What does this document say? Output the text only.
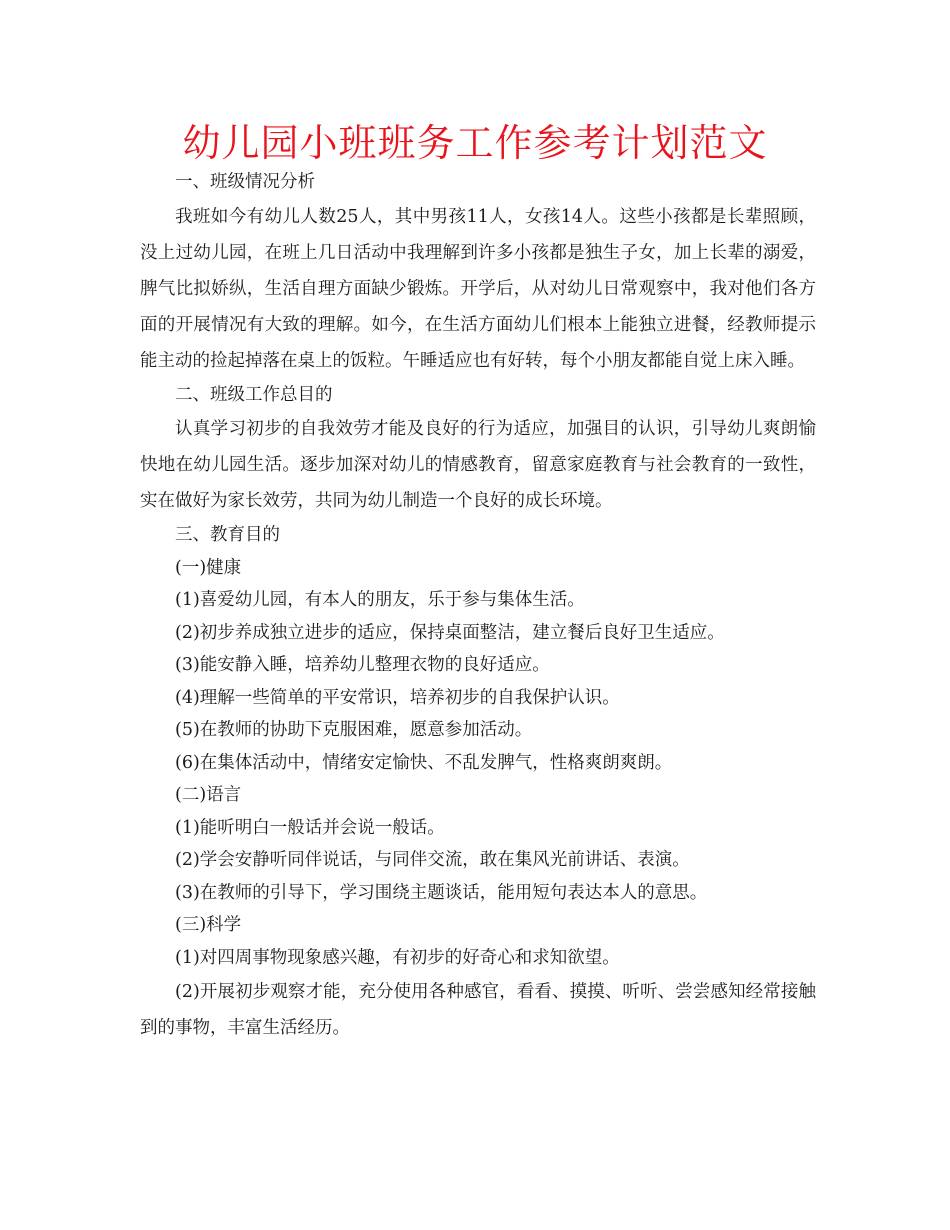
幼儿园小班班务工作参考计划范文

一、班级情况分析

我班如今有幼儿人数25人，其中男孩11人，女孩14人。这些小孩都是长辈照顾，没上过幼儿园，在班上几日活动中我理解到许多小孩都是独生子女，加上长辈的溺爱，脾气比拟娇纵，生活自理方面缺少锻炼。开学后，从对幼儿日常观察中，我对他们各方面的开展情况有大致的理解。如今，在生活方面幼儿们根本上能独立进餐，经教师提示能主动的捡起掉落在桌上的饭粒。午睡适应也有好转，每个小朋友都能自觉上床入睡。

二、班级工作总目的

认真学习初步的自我效劳才能及良好的行为适应，加强目的认识，引导幼儿爽朗愉快地在幼儿园生活。逐步加深对幼儿的情感教育，留意家庭教育与社会教育的一致性，实在做好为家长效劳，共同为幼儿制造一个良好的成长环境。

三、教育目的

(一)健康

(1)喜爱幼儿园，有本人的朋友，乐于参与集体生活。

(2)初步养成独立进步的适应，保持桌面整洁，建立餐后良好卫生适应。

(3)能安静入睡，培养幼儿整理衣物的良好适应。

(4)理解一些简单的平安常识，培养初步的自我保护认识。

(5)在教师的协助下克服困难，愿意参加活动。

(6)在集体活动中，情绪安定愉快、不乱发脾气，性格爽朗爽朗。

(二)语言

(1)能听明白一般话并会说一般话。

(2)学会安静听同伴说话，与同伴交流，敢在集风光前讲话、表演。

(3)在教师的引导下，学习围绕主题谈话，能用短句表达本人的意思。

(三)科学

(1)对四周事物现象感兴趣，有初步的好奇心和求知欲望。

(2)开展初步观察才能，充分使用各种感官，看看、摸摸、听听、尝尝感知经常接触到的事物，丰富生活经历。
